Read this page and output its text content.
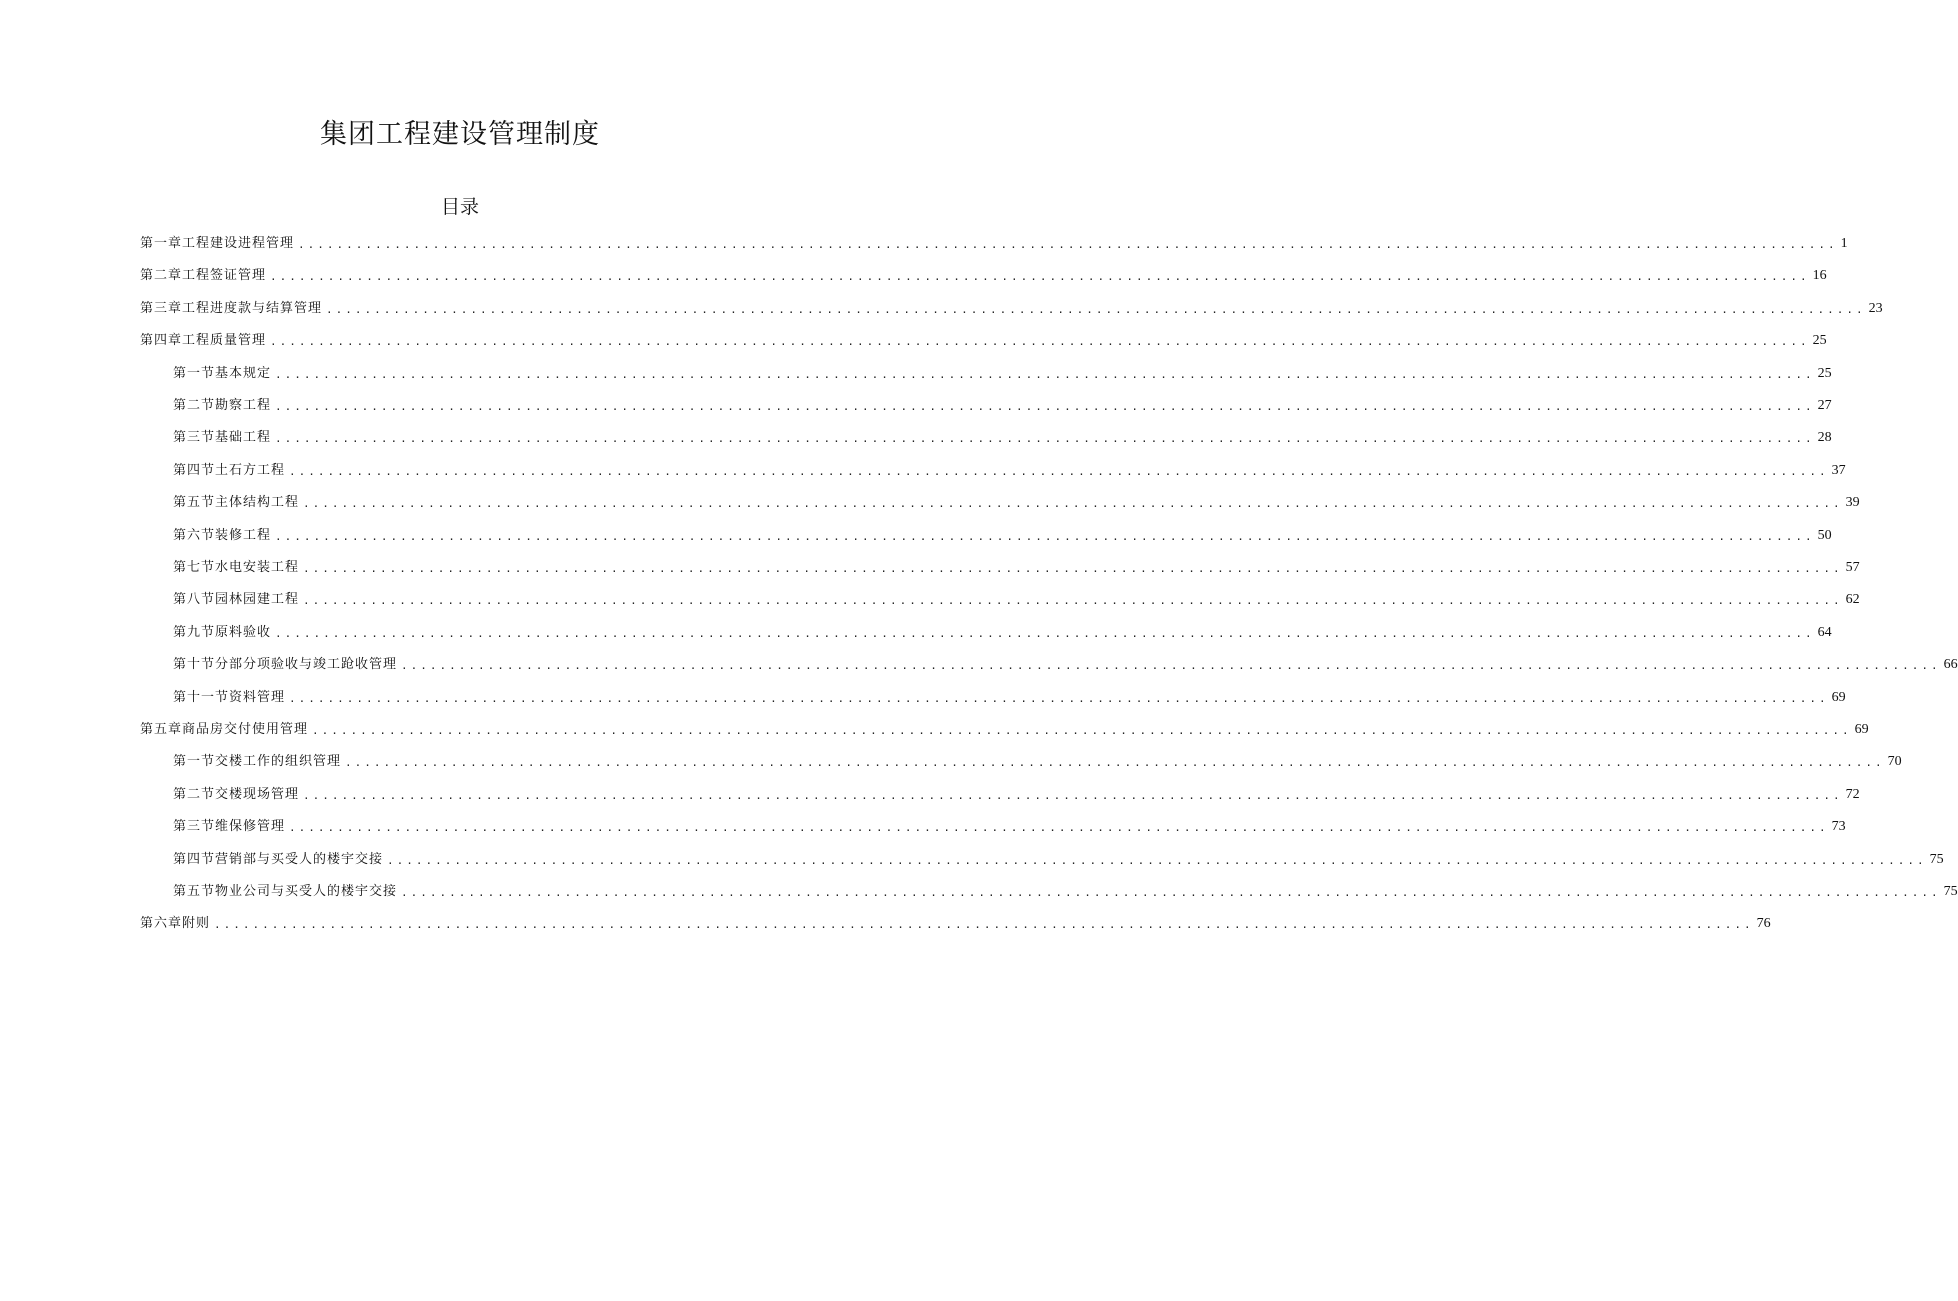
集团工程建设管理制度
目录
第一章工程建设进程管理 ................................................................................................................................................................ 1
第二章工程签证管理 ................................................................................................................................................................ 16
第三章工程进度款与结算管理 ................................................................................................................................................................ 23
第四章工程质量管理 ................................................................................................................................................................ 25
第一节基本规定 ................................................................................................................................................................ 25
第二节勘察工程 ................................................................................................................................................................ 27
第三节基础工程 ................................................................................................................................................................ 28
第四节土石方工程 ................................................................................................................................................................ 37
第五节主体结构工程 ................................................................................................................................................................ 39
第六节装修工程 ................................................................................................................................................................ 50
第七节水电安装工程 ................................................................................................................................................................ 57
第八节园林园建工程 ................................................................................................................................................................ 62
第九节原料验收 ................................................................................................................................................................ 64
第十节分部分项验收与竣工跄收管理 ................................................................................................................................................................ 66
第十一节资料管理 ................................................................................................................................................................ 69
第五章商品房交付使用管理 ................................................................................................................................................................ 69
第一节交楼工作的组织管理 ................................................................................................................................................................ 70
第二节交楼现场管理 ................................................................................................................................................................ 72
第三节维保修管理 ................................................................................................................................................................ 73
第四节营销部与买受人的楼宇交接 ................................................................................................................................................................ 75
第五节物业公司与买受人的楼宇交接 ................................................................................................................................................................ 75
第六章附则 ................................................................................................................................................................ 76
